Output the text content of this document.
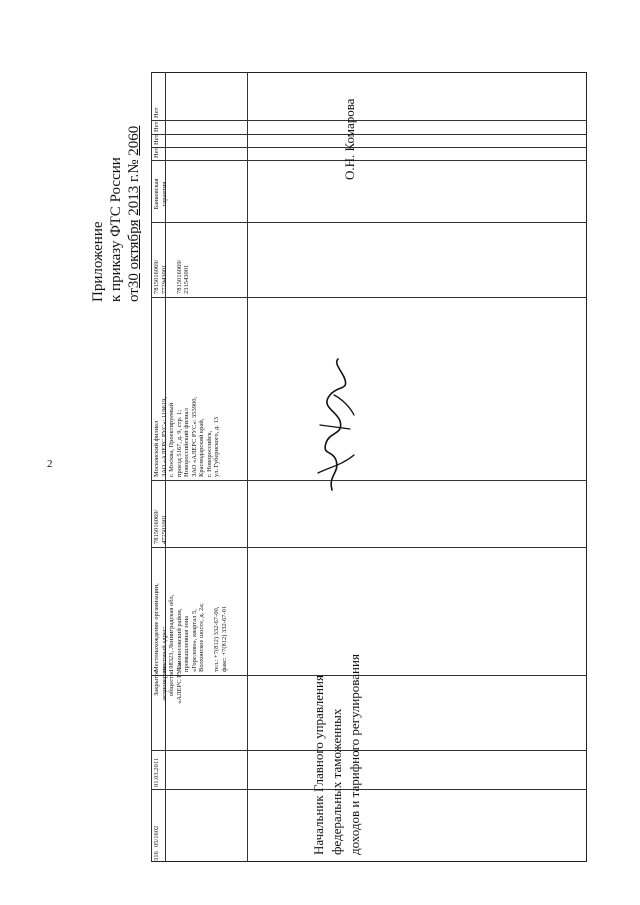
2
Приложение к приказу ФТС России от30 октября 2013 г.№ 2060
316
05/1602
01.03.2011
Закрытое акционерное общество «АЛЕРС РУС»
Местонахождение организации, почтовый адрес: 198323, Ленинградская обл, Ломоносовский район, промышленная зона «Горелово», квартал 5, Волхонское шоссе, д. 2а;
тел.: +7(812) 332-67-00, факс: +7(812) 332-67-01
7815016069/ 472501001
Московский филиал ЗАО «АЛЕРС РУС»: 119619, г. Москва, Проектируемый проезд 5167, д. 9, стр. 1; Новороссийский филиал ЗАО «АЛЕРС РУС»: 353900, Краснодарский край, г. Новороссийск, ул. Губернского, д. 13
7815016069/ 772943001
7815016069/ 231543001
Банковская гарантия
Нет
Нет
Нет
Нет
Начальник Главного управления федеральных таможенных доходов и тарифного регулирования
О.Н. Комарова
